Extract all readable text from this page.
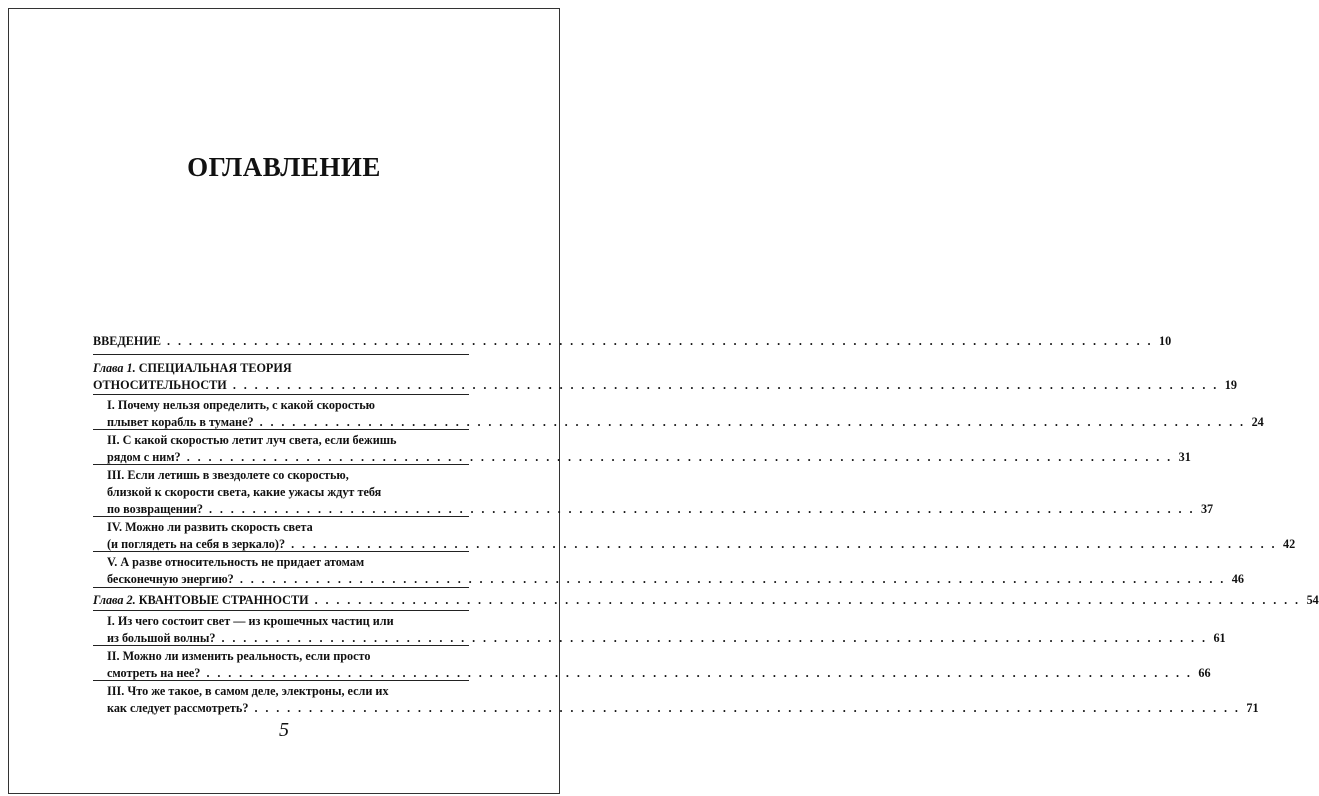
ОГЛАВЛЕНИЕ
ВВЕДЕНИЕ . . .	10
Глава 1. СПЕЦИАЛЬНАЯ ТЕОРИЯ
ОТНОСИТЕЛЬНОСТИ . . .	19
I. Почему нельзя определить, с какой скоростью
плывет корабль в тумане? . . .	24
II. С какой скоростью летит луч света, если бежишь
рядом с ним? . . .	31
III. Если летишь в звездолете со скоростью,
близкой к скорости света, какие ужасы ждут тебя
по возвращении? . . .	37
IV. Можно ли развить скорость света
(и поглядеть на себя в зеркало)? . . .	42
V. А разве относительность не придает атомам
бесконечную энергию? . . .	46
Глава 2. КВАНТОВЫЕ СТРАННОСТИ . . .	54
I. Из чего состоит свет — из крошечных частиц или
из большой волны? . . .	61
II. Можно ли изменить реальность, если просто
смотреть на нее? . . .	66
III. Что же такое, в самом деле, электроны, если их
как следует рассмотреть? . . .	71
5
